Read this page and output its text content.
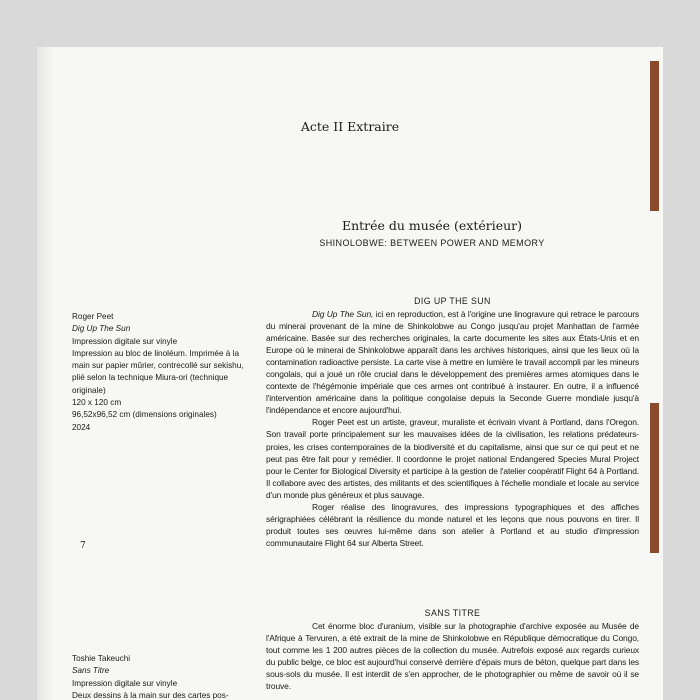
Acte II Extraire
Entrée du musée (extérieur)
SHINOLOBWE: BETWEEN POWER AND MEMORY
Roger Peet
Dig Up The Sun
Impression digitale sur vinyle
Impression au bloc de linoléum. Imprimée à la
main sur papier mûrier, contrecollé sur sekishu,
plié selon la technique Miura-ori (technique
originale)
120 x 120 cm
96,52x96,52 cm (dimensions originales)
2024
7
Toshie Takeuchi
Sans Titre
Impression digitale sur vinyle
Deux dessins à la main sur des cartes pos-
DIG UP THE SUN

Dig Up The Sun, ici en reproduction, est à l'origine une linogravure qui retrace le parcours du minerai provenant de la mine de Shinkolobwe au Congo jusqu'au projet Manhattan de l'armée américaine. Basée sur des recherches originales, la carte documente les sites aux États-Unis et en Europe où le minerai de Shinkolobwe apparaît dans les archives historiques, ainsi que les lieux où la contamination radioactive persiste. La carte vise à mettre en lumière le travail accompli par les mineurs congolais, qui a joué un rôle crucial dans le développement des premières armes atomiques dans le contexte de l'hégémonie impériale que ces armes ont contribué à instaurer. En outre, il a influencé l'intervention américaine dans la politique congolaise depuis la Seconde Guerre mondiale jusqu'à l'indépendance et encore aujourd'hui.

Roger Peet est un artiste, graveur, muraliste et écrivain vivant à Portland, dans l'Oregon. Son travail porte principalement sur les mauvaises idées de la civilisation, les relations prédateurs-proies, les crises contemporaines de la biodiversité et du capitalisme, ainsi que sur ce qui peut et ne peut pas être fait pour y remédier. Il coordonne le projet national Endangered Species Mural Project pour le Center for Biological Diversity et participe à la gestion de l'atelier coopératif Flight 64 à Portland. Il collabore avec des artistes, des militants et des scientifiques à l'échelle mondiale et locale au service d'un monde plus généreux et plus sauvage.

Roger réalise des linogravures, des impressions typographiques et des affiches sérigraphiées célébrant la résilience du monde naturel et les leçons que nous pouvons en tirer. Il produit toutes ses œuvres lui-même dans son atelier à Portland et au studio d'impression communautaire Flight 64 sur Alberta Street.

SANS TITRE

Cet énorme bloc d'uranium, visible sur la photographie d'archive exposée au Musée de l'Afrique à Tervuren, a été extrait de la mine de Shinkolobwe en République démocratique du Congo, tout comme les 1 200 autres pièces de la collection du musée. Autrefois exposé aux regards curieux du public belge, ce bloc est aujourd'hui conservé derrière d'épais murs de béton, quelque part dans les sous-sols du musée. Il est interdit de s'en approcher, de le photographier ou même de savoir où il se trouve.
